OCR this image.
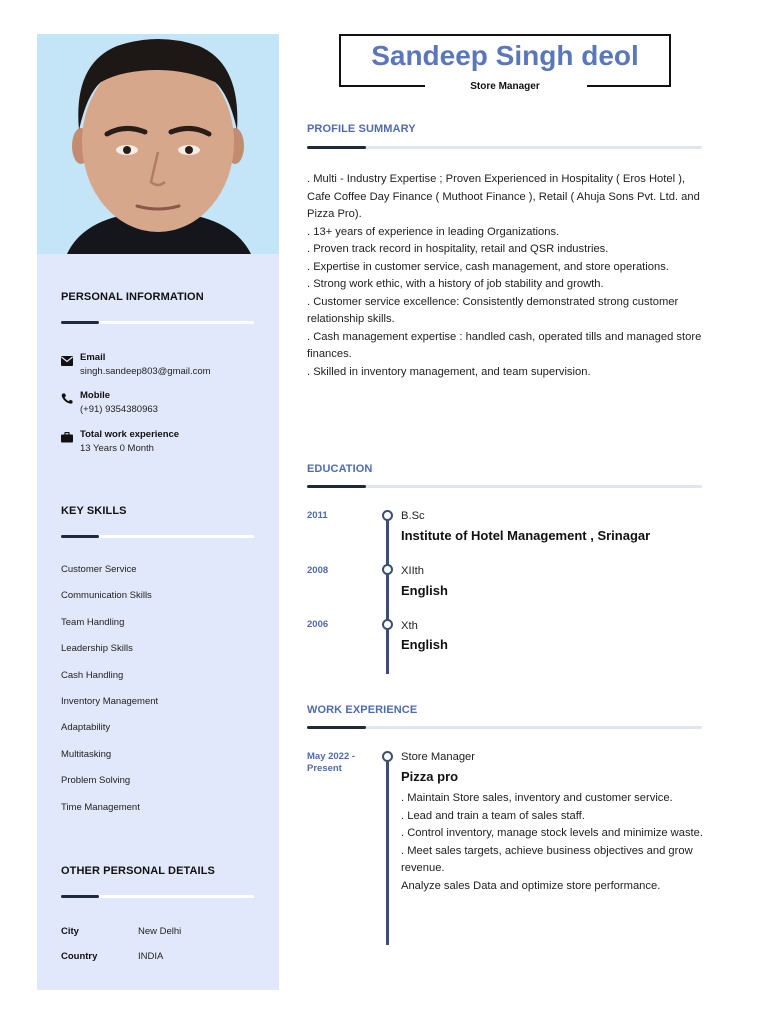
PERSONAL INFORMATION
Email
singh.sandeep803@gmail.com
Mobile
(+91) 9354380963
Total work experience
13 Years 0 Month
KEY SKILLS
Customer Service
Communication Skills
Team Handling
Leadership Skills
Cash Handling
Inventory Management
Adaptability
Multitasking
Problem Solving
Time Management
OTHER PERSONAL DETAILS
City	New Delhi
Country	INDIA
Sandeep Singh deol
Store Manager
PROFILE SUMMARY

. Multi - Industry Expertise ; Proven Experienced in Hospitality ( Eros Hotel ),

Cafe Coffee Day Finance ( Muthoot Finance ), Retail ( Ahuja Sons Pvt. Ltd. and Pizza Pro).

. 13+ years of experience in leading Organizations.

. Proven track record in hospitality, retail and QSR industries.

. Expertise in customer service, cash management, and store operations.

. Strong work ethic, with a history of job stability and growth.

. Customer service excellence: Consistently demonstrated strong customer relationship skills.

. Cash management expertise : handled cash, operated tills and managed store finances.

. Skilled in inventory management, and team supervision.

EDUCATION
2011	B.Sc
Institute of Hotel Management , Srinagar
2008	XIIth
English
2006	Xth
English
WORK EXPERIENCE
May 2022 - Present
Store Manager
Pizza pro

. Maintain Store sales, inventory and customer service.

. Lead and train a team of sales staff.

. Control inventory, manage stock levels and minimize waste.

. Meet sales targets, achieve business objectives and grow revenue.

Analyze sales Data and optimize store performance.
